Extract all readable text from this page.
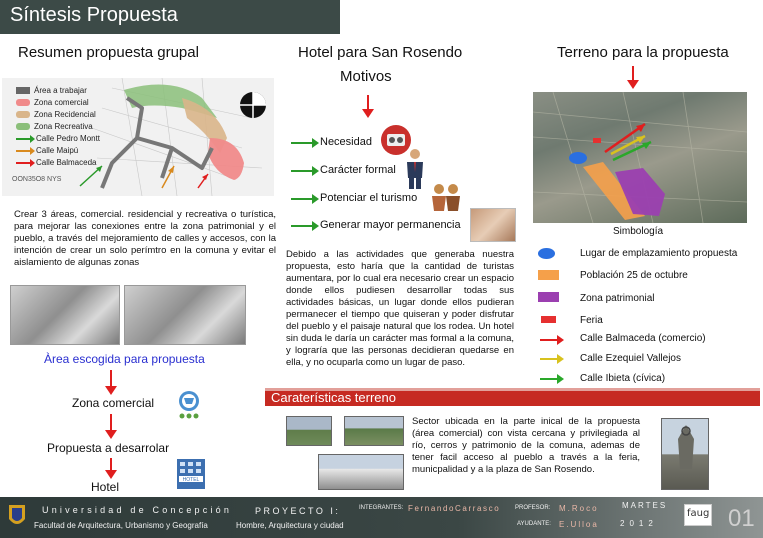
Síntesis Propuesta
Resumen propuesta grupal	Hotel para San Rosendo
Motivos
Terreno para la propuesta
Área a trabajar
Zona comercial
Zona Recidencial
Zona Recreativa
Calle Pedro Montt
Calle Maipú
Calle Balmaceda
OON35O8 NYS
Crear 3 áreas, comercial. residencial y recreativa o turística, para mejorar las conexiones entre la zona patrimonial y el pueblo, a través del mejoramiento de calles y accesos, con la intención de crear un solo perímtro en la comuna y evitar el aislamiento de algunas zonas
Àrea escogida para propuesta
Zona comercial
Propuesta a desarrolar
Hotel	HOTEL
Necesidad
Carácter formal
Potenciar el turismo
Generar mayor permanencia
Debido a las actividades que generaba nuestra propuesta, esto haría que la cantidad de turistas aumentara, por lo cual era necesario crear un espacio donde ellos pudiesen desarrollar todas sus actividades básicas, un lugar donde ellos pudieran permanecer el tiempo que quiseran y poder disfrutar del pueblo y el paisaje natural que los rodea. Un hotel sin duda le daría un carácter mas formal a la comuna, y lograría que las personas decidieran quedarse en ella, y no ocuparla como un lugar de paso.
Simbología
Lugar de emplazamiento propuesta
Población 25 de octubre
Zona patrimonial
Feria
Calle Balmaceda (comercio)
Calle Ezequiel Vallejos
Calle Ibieta (cívica)
Caraterísticas terreno
Sector ubicada en la parte inical de la propuesta (área comercial) con vista cercana y privilegiada al río, cerros y patrimonio de la comuna, ademas de tener facil acceso al pueblo a través a la feria, municpalidad y a la plaza de San Rosendo.
Universidad de Concepción
Facultad de Arquitectura, Urbanismo y Geografía
PROYECTO I:
Hombre, Arquitectura y ciudad
INTEGRANTES: FernandoCarrasco PROFESOR: M.Roco
AYUDANTE: E.Ulloa
MARTES
2012
faug 01
